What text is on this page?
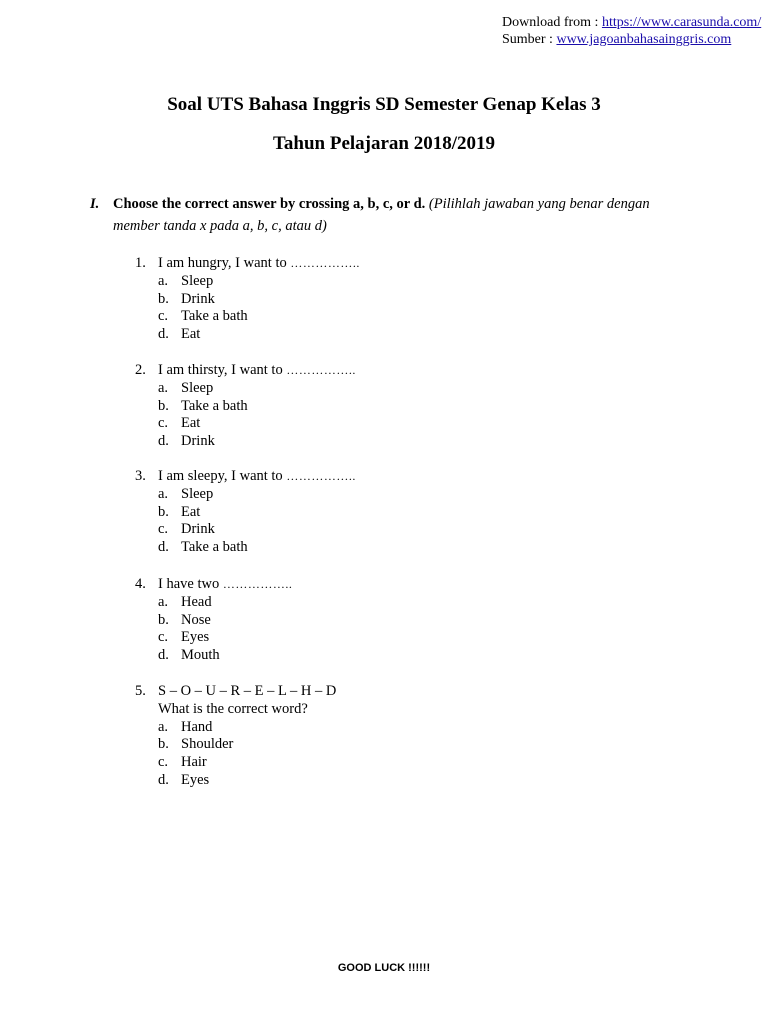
Download from : https://www.carasunda.com/
Sumber : www.jagoanbahasainggris.com
Soal UTS Bahasa Inggris SD Semester Genap Kelas 3
Tahun Pelajaran 2018/2019
I. Choose the correct answer by crossing a, b, c, or d. (Pilihlah jawaban yang benar dengan member tanda x pada a, b, c, atau d)
1. I am hungry, I want to ……………..
a. Sleep
b. Drink
c. Take a bath
d. Eat
2. I am thirsty, I want to ……………..
a. Sleep
b. Take a bath
c. Eat
d. Drink
3. I am sleepy, I want to ……………..
a. Sleep
b. Eat
c. Drink
d. Take a bath
4. I have two ……………..
a. Head
b. Nose
c. Eyes
d. Mouth
5. S – O – U – R – E – L – H – D
What is the correct word?
a. Hand
b. Shoulder
c. Hair
d. Eyes
GOOD LUCK !!!!!!
